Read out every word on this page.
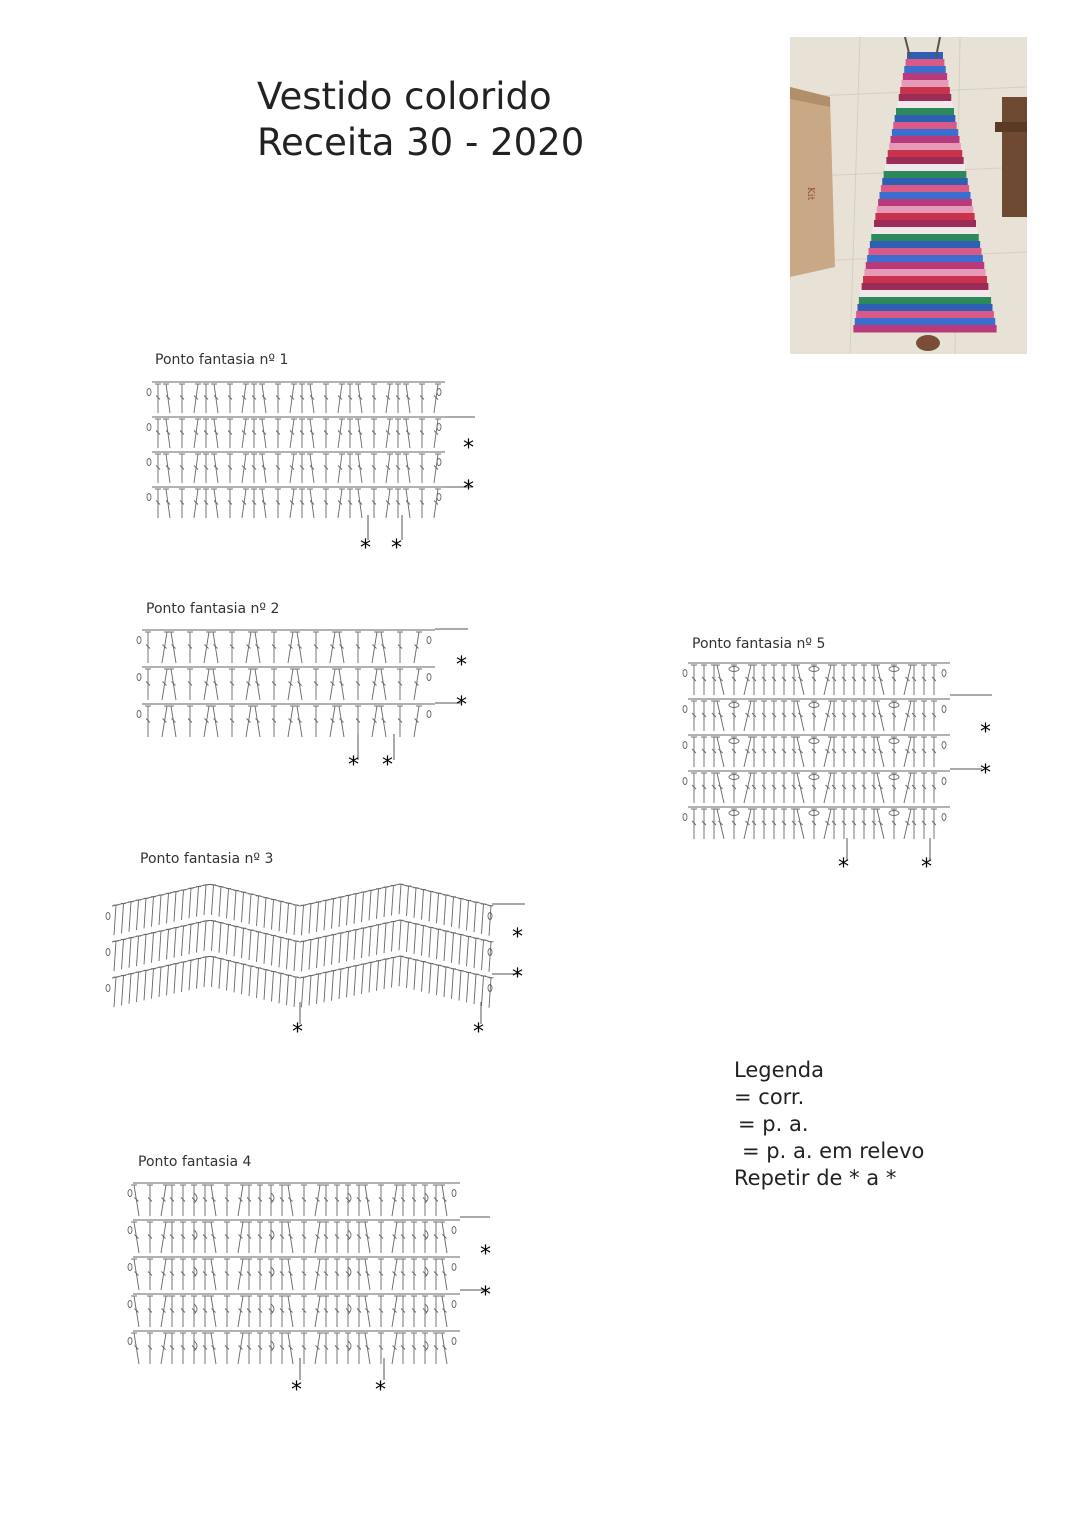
Vestido colorido
Receita 30 - 2020
Kit
Ponto fantasia nº 1
*
*
* *
Ponto fantasia nº 2
*
*
* *
Ponto fantasia nº 3
*
*
*	*
Ponto fantasia 4
*
*
*	*
Ponto fantasia nº 5
*
*
*	*
Legenda
= corr.
= p. a.
= p. a. em relevo
Repetir de * a *
